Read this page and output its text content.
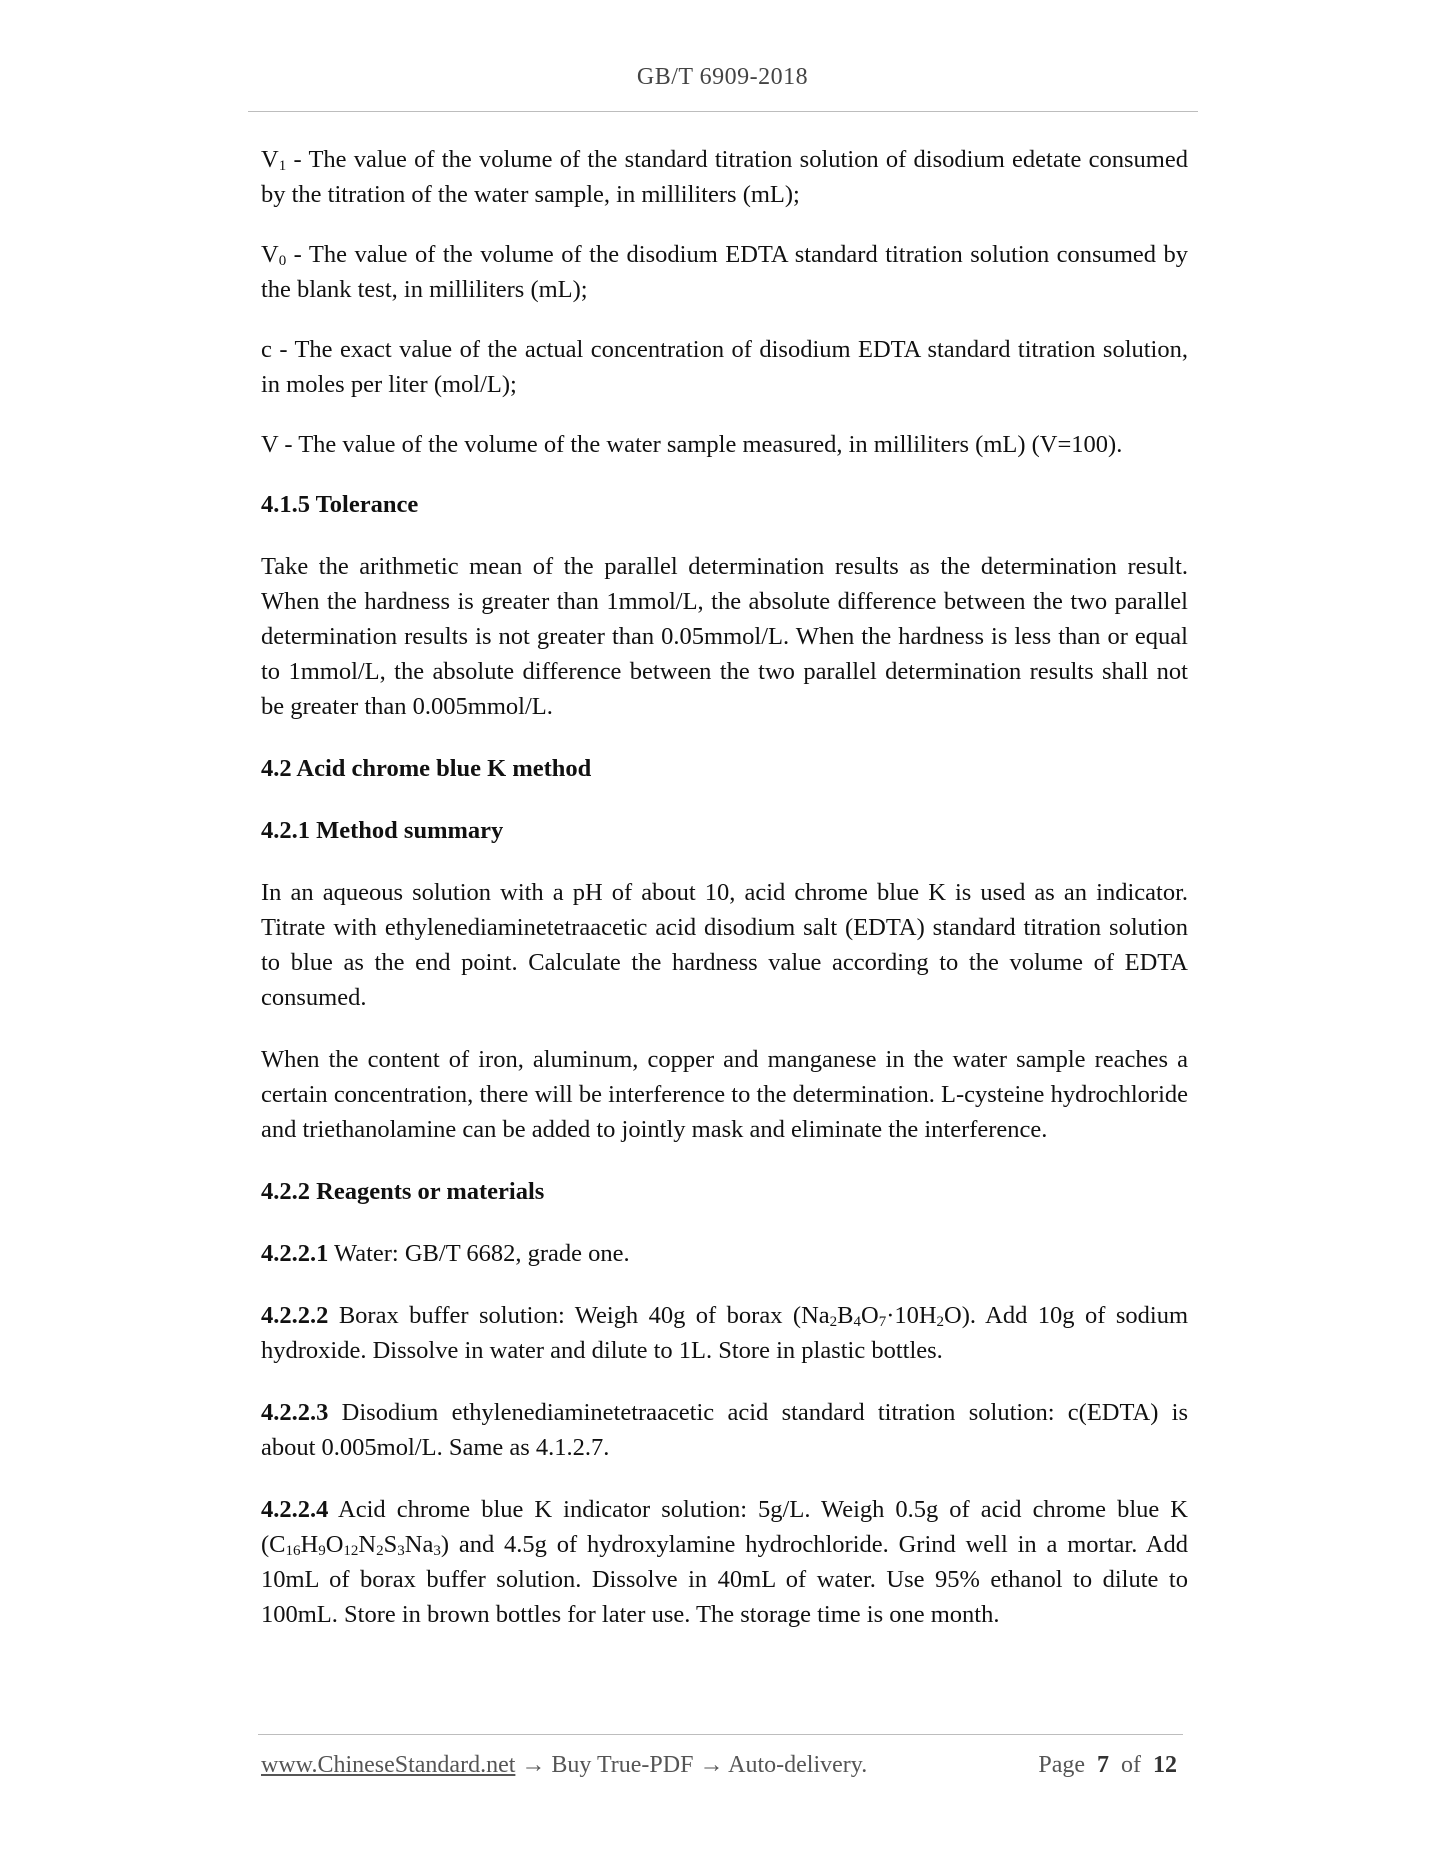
GB/T 6909-2018

$V_1$ - The value of the volume of the standard titration solution of disodium edetate consumed by the titration of the water sample, in milliliters (mL);

$V_0$ - The value of the volume of the disodium EDTA standard titration solution consumed by the blank test, in milliliters (mL);

c - The exact value of the actual concentration of disodium EDTA standard titration solution, in moles per liter (mol/L);

V - The value of the volume of the water sample measured, in milliliters (mL) (V=100).

4.1.5 Tolerance

Take the arithmetic mean of the parallel determination results as the determination result. When the hardness is greater than 1mmol/L, the absolute difference between the two parallel determination results is not greater than 0.05mmol/L. When the hardness is less than or equal to 1mmol/L, the absolute difference between the two parallel determination results shall not be greater than 0.005mmol/L.

4.2 Acid chrome blue K method
4.2.1 Method summary

In an aqueous solution with a pH of about 10, acid chrome blue K is used as an indicator. Titrate with ethylenediaminetetraacetic acid disodium salt (EDTA) standard titration solution to blue as the end point. Calculate the hardness value according to the volume of EDTA consumed.

When the content of iron, aluminum, copper and manganese in the water sample reaches a certain concentration, there will be interference to the determination. L-cysteine hydrochloride and triethanolamine can be added to jointly mask and eliminate the interference.

4.2.2 Reagents or materials

4.2.2.1 Water: GB/T 6682, grade one.

4.2.2.2 Borax buffer solution: Weigh 40g of borax $(Na_2B_4O_7\cdot 10H_2O)$. Add 10g of sodium hydroxide. Dissolve in water and dilute to 1L. Store in plastic bottles.

4.2.2.3 Disodium ethylenediaminetetraacetic acid standard titration solution: c(EDTA) is about 0.005mol/L. Same as 4.1.2.7.

4.2.2.4 Acid chrome blue K indicator solution: 5g/L. Weigh 0.5g of acid chrome blue K $(C_{16}H_9O_{12}N_2S_3Na_3)$ and 4.5g of hydroxylamine hydrochloride. Grind well in a mortar. Add 10mL of borax buffer solution. Dissolve in 40mL of water. Use 95% ethanol to dilute to 100mL. Store in brown bottles for later use. The storage time is one month.

www.ChineseStandard.net → Buy True-PDF → Auto-delivery.	Page 7 of 12
